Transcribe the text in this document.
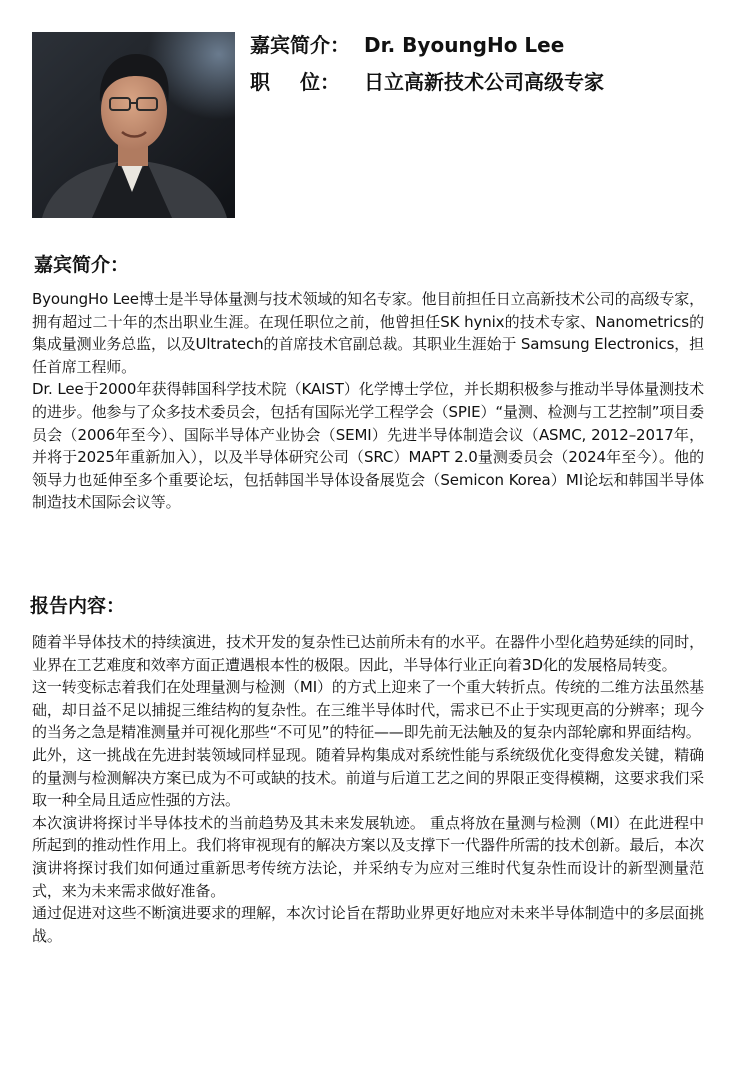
嘉宾简介： Dr. ByoungHo Lee
职 位： 日立高新技术公司高级专家
嘉宾简介：

ByoungHo Lee博士是半导体量测与技术领域的知名专家。他目前担任日立高新技术公司的高级专家，拥有超过二十年的杰出职业生涯。在现任职位之前，他曾担任SK hynix的技术专家、Nanometrics的集成量测业务总监，以及Ultratech的首席技术官副总裁。其职业生涯始于 Samsung Electronics，担任首席工程师。

Dr. Lee于2000年获得韩国科学技术院（KAIST）化学博士学位，并长期积极参与推动半导体量测技术的进步。他参与了众多技术委员会，包括有国际光学工程学会（SPIE）“量测、检测与工艺控制”项目委员会（2006年至今）、国际半导体产业协会（SEMI）先进半导体制造会议（ASMC, 2012–2017年，并将于2025年重新加入），以及半导体研究公司（SRC）MAPT 2.0量测委员会（2024年至今）。他的领导力也延伸至多个重要论坛，包括韩国半导体设备展览会（Semicon Korea）MI论坛和韩国半导体制造技术国际会议等。

报告内容：

随着半导体技术的持续演进，技术开发的复杂性已达前所未有的水平。在器件小型化趋势延续的同时，业界在工艺难度和效率方面正遭遇根本性的极限。因此，半导体行业正向着3D化的发展格局转变。

这一转变标志着我们在处理量测与检测（MI）的方式上迎来了一个重大转折点。传统的二维方法虽然基础，却日益不足以捕捉三维结构的复杂性。在三维半导体时代，需求已不止于实现更高的分辨率；现今的当务之急是精准测量并可视化那些“不可见”的特征——即先前无法触及的复杂内部轮廓和界面结构。

此外，这一挑战在先进封装领域同样显现。随着异构集成对系统性能与系统级优化变得愈发关键，精确的量测与检测解决方案已成为不可或缺的技术。前道与后道工艺之间的界限正变得模糊，这要求我们采取一种全局且适应性强的方法。

本次演讲将探讨半导体技术的当前趋势及其未来发展轨迹。 重点将放在量测与检测（MI）在此进程中所起到的推动性作用上。我们将审视现有的解决方案以及支撑下一代器件所需的技术创新。最后，本次演讲将探讨我们如何通过重新思考传统方法论，并采纳专为应对三维时代复杂性而设计的新型测量范式，来为未来需求做好准备。

通过促进对这些不断演进要求的理解，本次讨论旨在帮助业界更好地应对未来半导体制造中的多层面挑战。
